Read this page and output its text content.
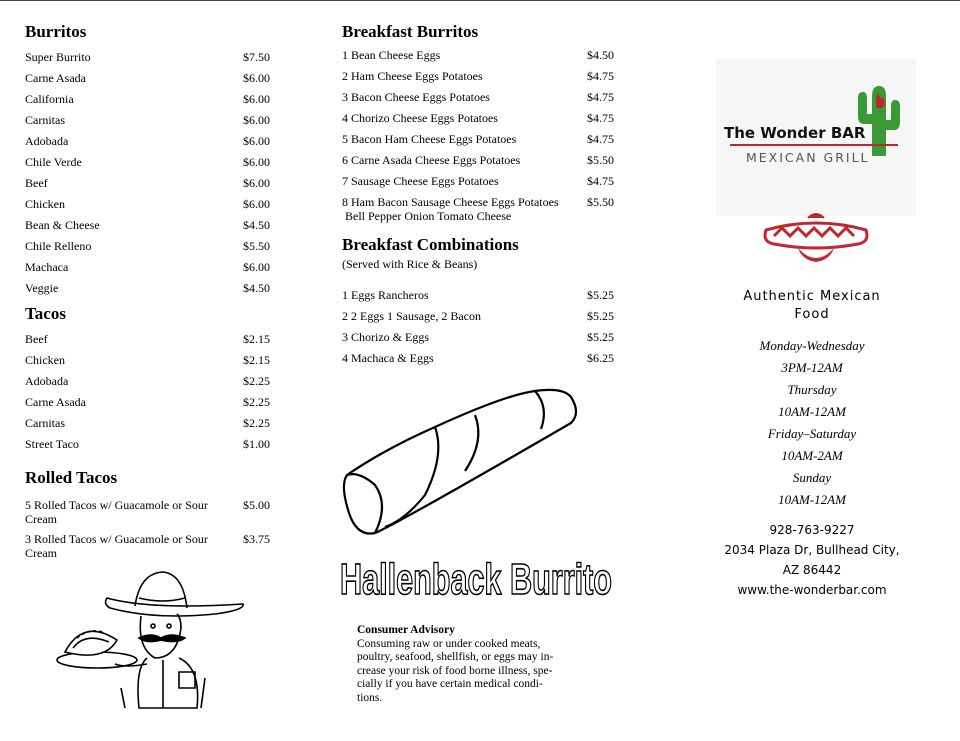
Burritos

Super Burrito	$7.50
Carne Asada	$6.00
California	$6.00
Carnitas	$6.00
Adobada	$6.00
Chile Verde	$6.00
Beef	$6.00
Chicken	$6.00
Bean & Cheese	$4.50
Chile Relleno	$5.50
Machaca	$6.00
Veggie	$4.50

Tacos

Beef	$2.15
Chicken	$2.15
Adobada	$2.25
Carne Asada	$2.25
Carnitas	$2.25
Street Taco	$1.00

Rolled Tacos

5 Rolled Tacos w/ Guacamole or Sour Cream
$5.00
3 Rolled Tacos w/ Guacamole or Sour Cream
$3.75

Breakfast Burritos

1 Bean Cheese Eggs	$4.50
2 Ham Cheese Eggs Potatoes	$4.75
3 Bacon Cheese Eggs Potatoes	$4.75
4 Chorizo Cheese Eggs Potatoes	$4.75
5 Bacon Ham Cheese Eggs Potatoes	$4.75
6 Carne Asada Cheese Eggs Potatoes	$5.50
7 Sausage Cheese Eggs Potatoes	$4.75
8 Ham Bacon Sausage Cheese Eggs Potatoes
Bell Pepper Onion Tomato Cheese
$5.50

Breakfast Combinations

(Served with Rice & Beans)

1 Eggs Rancheros	$5.25
2 2 Eggs 1 Sausage, 2 Bacon	$5.25
3 Chorizo & Eggs	$5.25
4 Machaca & Eggs	$6.25
Hallenback Burrito
Consumer Advisory
Consuming raw or under cooked meats,
poultry, seafood, shellfish, or eggs may in-
crease your risk of food borne illness, spe-
cially if you have certain medical condi-
tions.
The Wonder BAR
MEXICAN GRILL
Authentic Mexican
Food

Monday-Wednesday

3PM-12AM

Thursday

10AM-12AM

Friday–Saturday

10AM-2AM

Sunday

10AM-12AM

928-763-9227

2034 Plaza Dr, Bullhead City,

AZ 86442

www.the-wonderbar.com
